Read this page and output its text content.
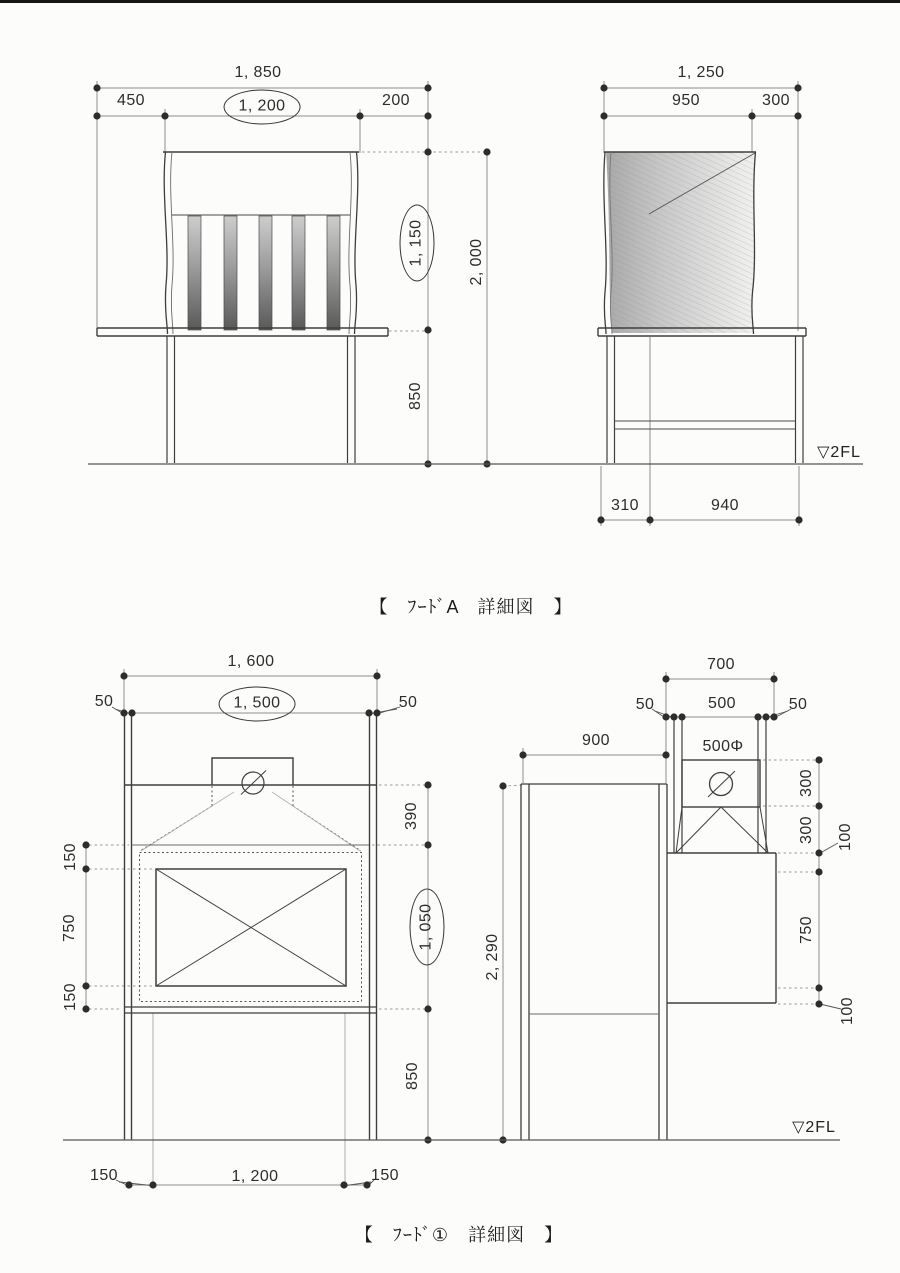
1, 850
450	1, 200	200
1, 250
950	300
1, 150	2, 000
850
▽2FL
310	940
【　ﾌｰﾄﾞA　詳細図　】
1, 600
50	1, 500	50
390
1, 050
850
150
750
150
150	1, 200	150
【　ﾌｰﾄﾞ①　詳細図　】
900
700
50	500	50
500Φ
300
300 100
750
100
2, 290
▽2FL
